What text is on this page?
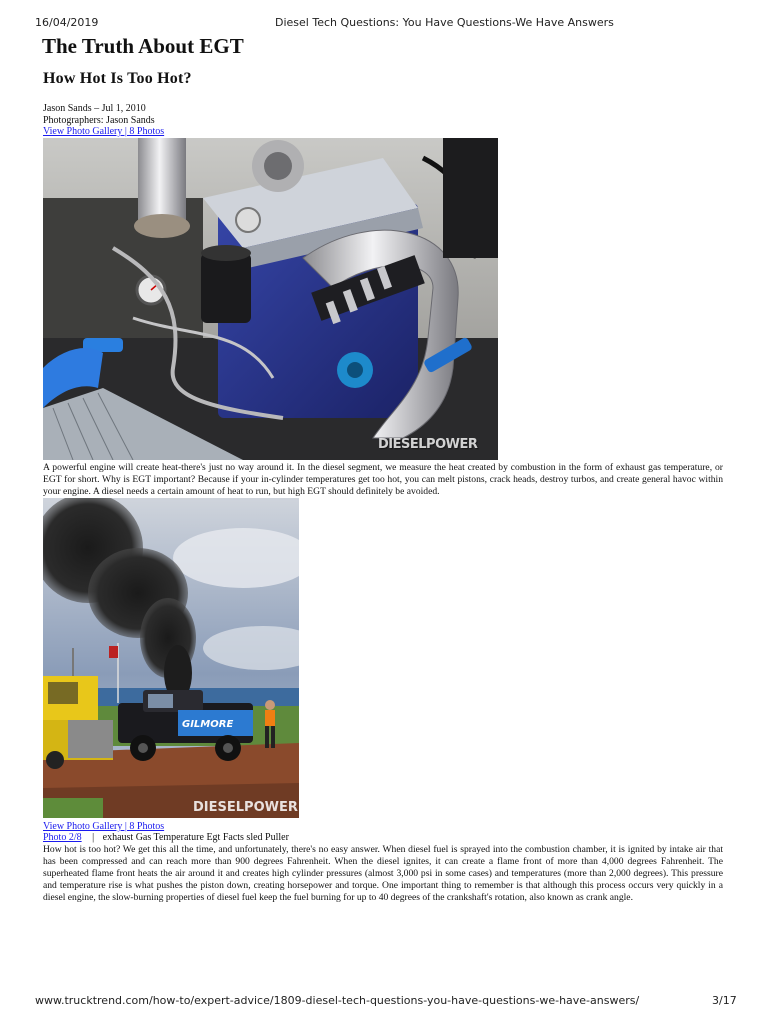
16/04/2019	Diesel Tech Questions: You Have Questions-We Have Answers
The Truth About EGT
How Hot Is Too Hot?
Jason Sands – Jul 1, 2010
Photographers: Jason Sands
View Photo Gallery | 8 Photos
DIESELPOWER

A powerful engine will create heat-there's just no way around it. In the diesel segment, we measure the heat created by combustion in the form of exhaust gas temperature, or EGT for short. Why is EGT important? Because if your in-cylinder temperatures get too hot, you can melt pistons, crack heads, destroy turbos, and create general havoc within your engine. A diesel needs a certain amount of heat to run, but high EGT should definitely be avoided.

GILMORE
DIESELPOWER
View Photo Gallery | 8 Photos
Photo 2/8 | exhaust Gas Temperature Egt Facts sled Puller

How hot is too hot? We get this all the time, and unfortunately, there's no easy answer. When diesel fuel is sprayed into the combustion chamber, it is ignited by intake air that has been compressed and can reach more than 900 degrees Fahrenheit. When the diesel ignites, it can create a flame front of more than 4,000 degrees Fahrenheit. The superheated flame front heats the air around it and creates high cylinder pressures (almost 3,000 psi in some cases) and temperatures (more than 2,000 degrees). This pressure and temperature rise is what pushes the piston down, creating horsepower and torque. One important thing to remember is that although this process occurs very quickly in a diesel engine, the slow-burning properties of diesel fuel keep the fuel burning for up to 40 degrees of the crankshaft's rotation, also known as crank angle.

www.trucktrend.com/how-to/expert-advice/1809-diesel-tech-questions-you-have-questions-we-have-answers/	3/17
